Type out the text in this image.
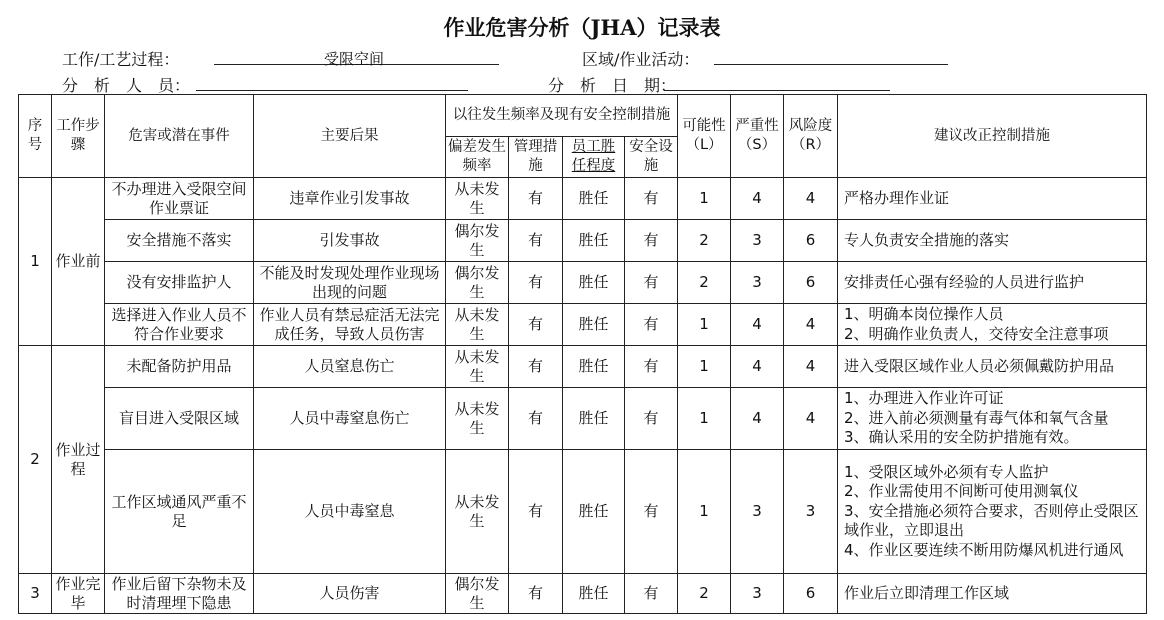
作业危害分析（JHA）记录表
工作/工艺过程：	受限空间	区域/作业活动：
分　析　人　员：	分　析　日　期：
序号	工作步骤	危害或潜在事件	主要后果	以往发生频率及现有安全控制措施				可能性（L）	严重性（S）	风险度（R）	建议改正控制措施
				偏差发生频率	管理措施	员工胜任程度	安全设施				
1	作业前	不办理进入受限空间作业票证	违章作业引发事故	从未发生	有	胜任	有	1	4	4	严格办理作业证

		安全措施不落实	引发事故	偶尔发生	有	胜任	有	2	3	6	专人负责安全措施的落实

		没有安排监护人	不能及时发现处理作业现场出现的问题	偶尔发生	有	胜任	有	2	3	6	安排责任心强有经验的人员进行监护

		选择进入作业人员不符合作业要求	作业人员有禁忌症活无法完成任务，导致人员伤害	从未发生	有	胜任	有	1	4	4	1、明确本岗位操作人员
2、明确作业负责人，交待安全注意事项

2	作业过程	未配备防护用品	人员窒息伤亡	从未发生	有	胜任	有	1	4	4	进入受限区域作业人员必须佩戴防护用品

		盲目进入受限区域	人员中毒窒息伤亡	从未发生	有	胜任	有	1	4	4	1、办理进入作业许可证
2、进入前必须测量有毒气体和氧气含量
3、确认采用的安全防护措施有效。

		工作区域通风严重不足	人员中毒窒息	从未发生	有	胜任	有	1	3	3	1、受限区域外必须有专人监护
2、作业需使用不间断可使用测氧仪
3、安全措施必须符合要求，否则停止受限区域作业，立即退出
4、作业区要连续不断用防爆风机进行通风

3	作业完毕	作业后留下杂物未及时清理埋下隐患	人员伤害	偶尔发生	有	胜任	有	2	3	6	作业后立即清理工作区域
